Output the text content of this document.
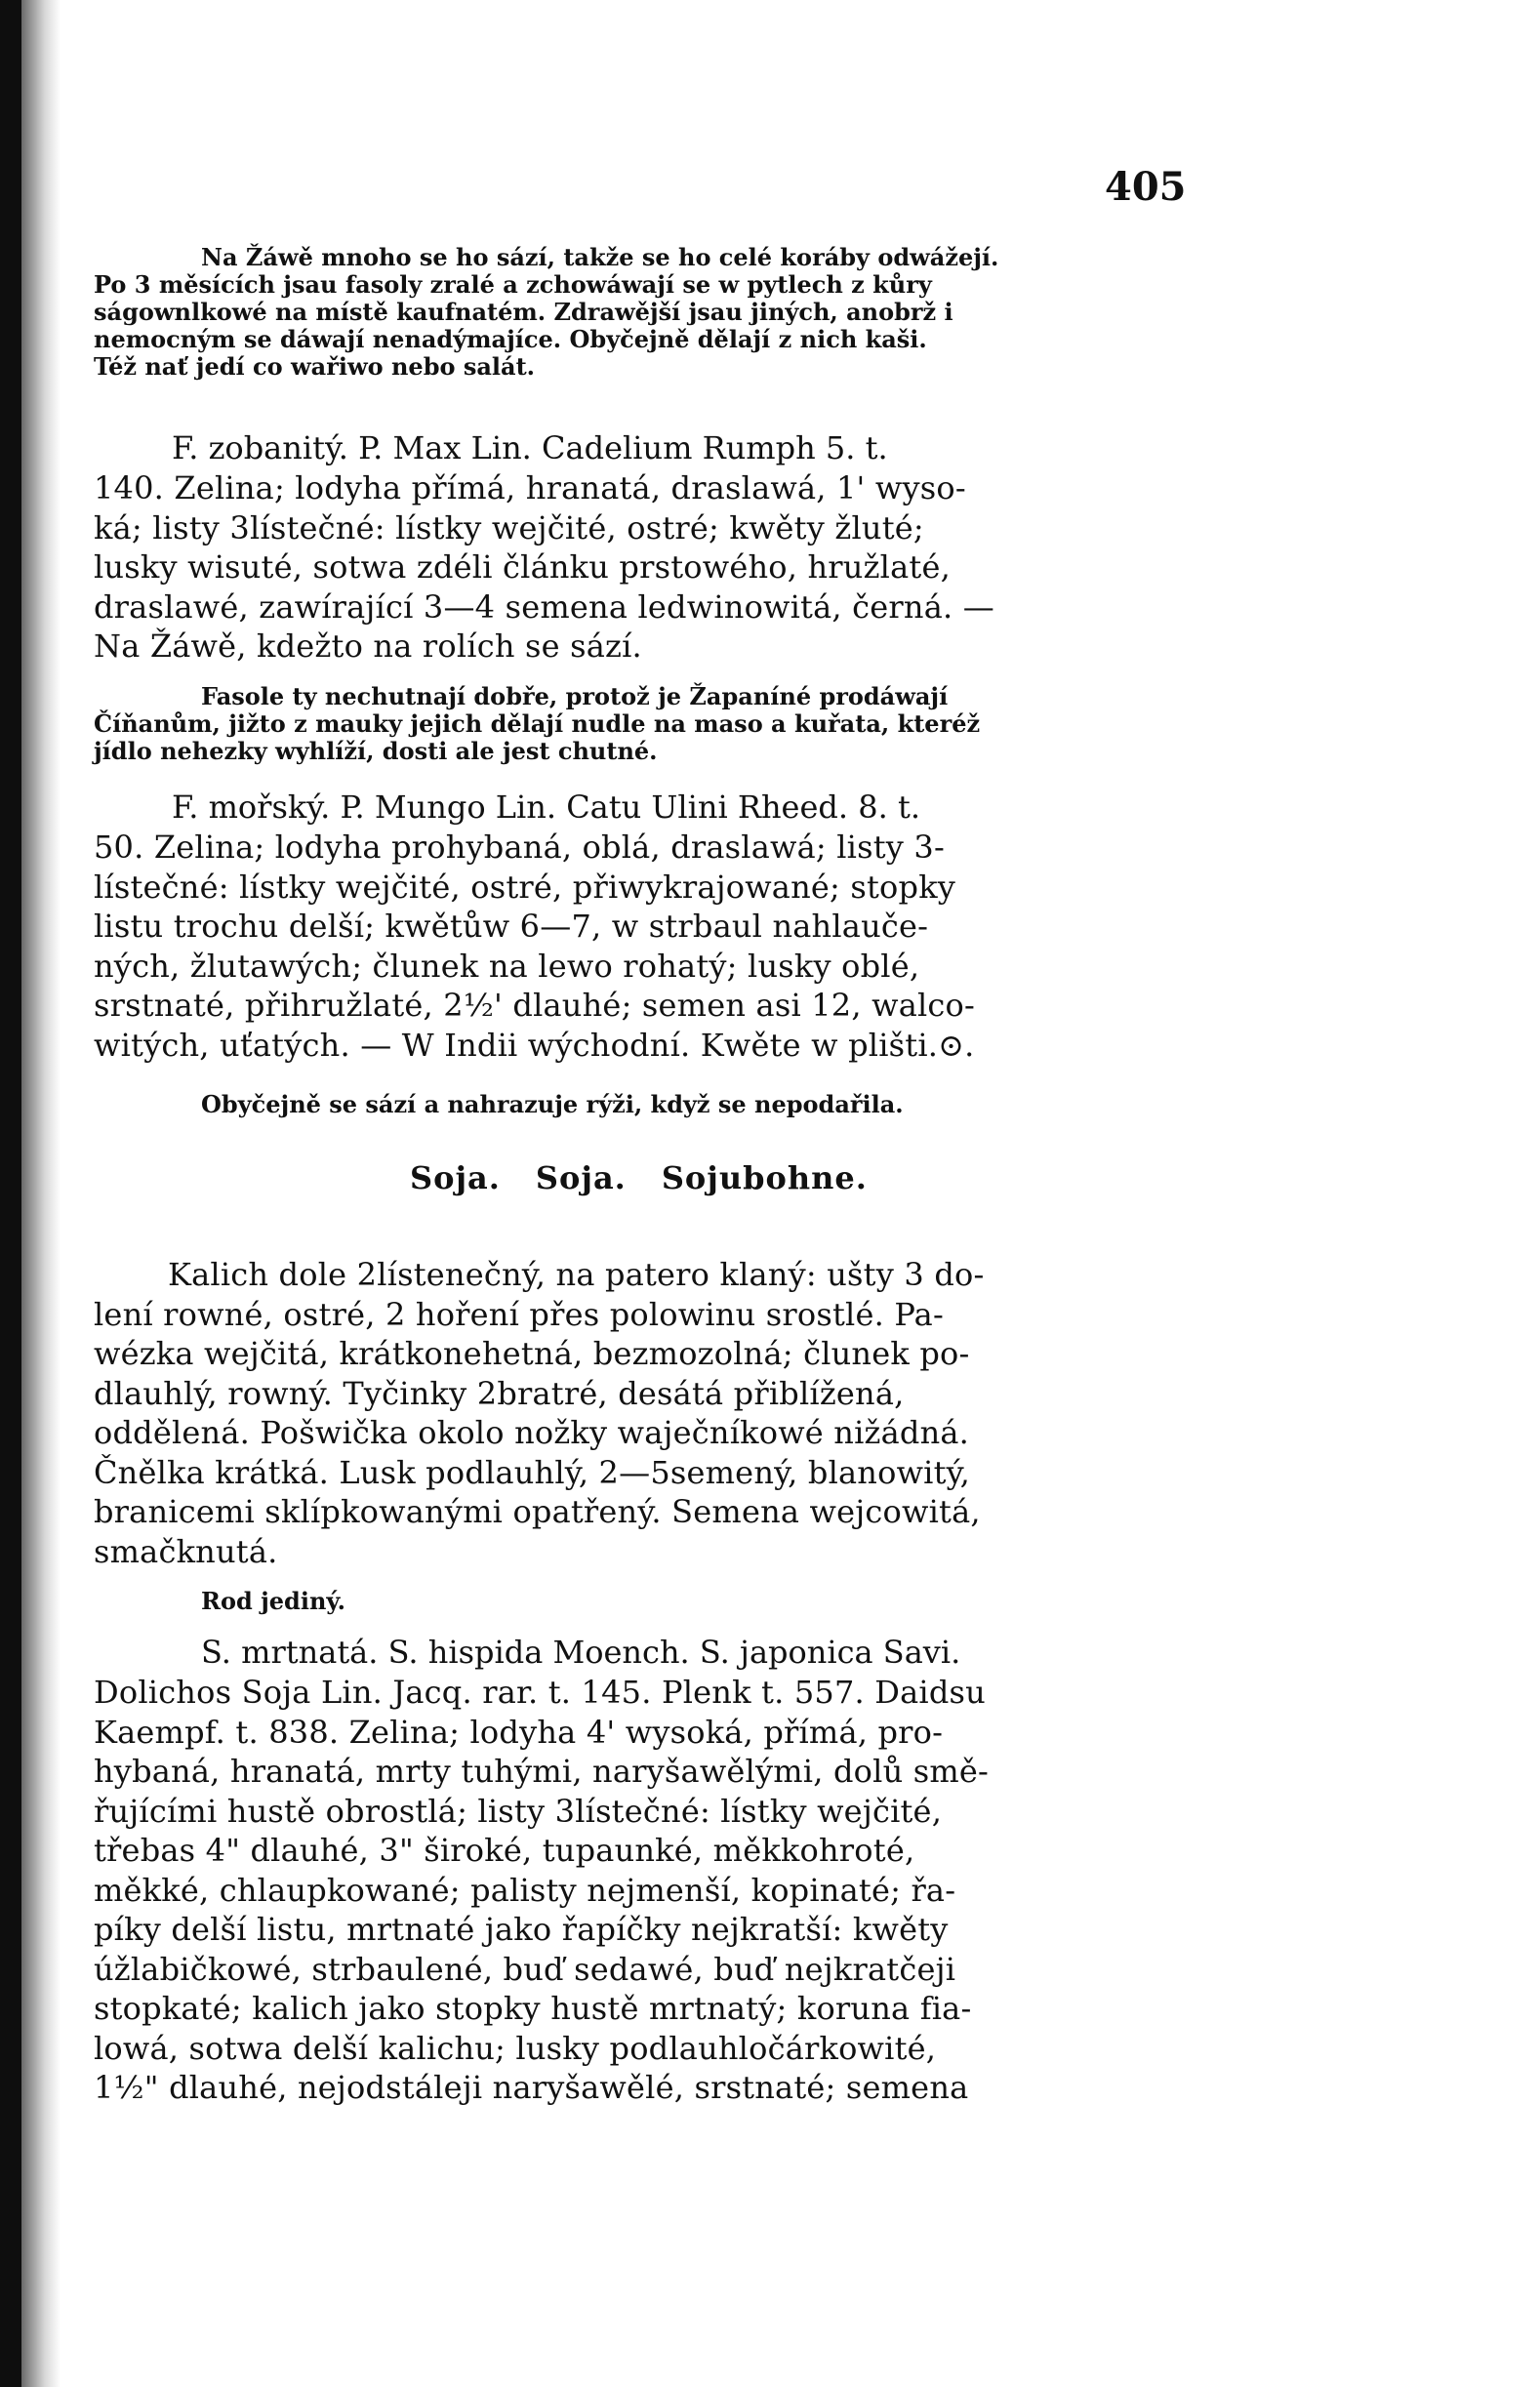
405

Na Žáwě mnoho se ho sází, takže se ho celé koráby odwážejí.

Po 3 měsících jsau fasoly zralé a zchowáwají se w pytlech z kůry

ságownlkowé na místě kaufnatém. Zdrawější jsau jiných, anobrž i

nemocným se dáwají nenadýmajíce. Obyčejně dělají z nich kaši.

Též nať jedí co wařiwo nebo salát.

F. zobanitý. P. Max Lin. Cadelium Rumph 5. t.

140. Zelina; lodyha přímá, hranatá, draslawá, 1' wyso-

ká; listy 3lístečné: lístky wejčité, ostré; kwěty žluté;

lusky wisuté, sotwa zdéli článku prstowého, hružlaté,

draslawé, zawírající 3—4 semena ledwinowitá, černá. —

Na Žáwě, kdežto na rolích se sází.

Fasole ty nechutnají dobře, protož je Žapaníné prodáwají

Číňanům, jižto z mauky jejich dělají nudle na maso a kuřata, kteréž

jídlo nehezky wyhlíží, dosti ale jest chutné.

F. mořský. P. Mungo Lin. Catu Ulini Rheed. 8. t.

50. Zelina; lodyha prohybaná, oblá, draslawá; listy 3-

lístečné: lístky wejčité, ostré, přiwykrajowané; stopky

listu trochu delší; kwětůw 6—7, w strbaul nahlauče-

ných, žlutawých; člunek na lewo rohatý; lusky oblé,

srstnaté, přihružlaté, 2½' dlauhé; semen asi 12, walco-

witých, uťatých. — W Indii wýchodní. Kwěte w plišti.⊙.

Obyčejně se sází a nahrazuje rýži, když se nepodařila.

Soja. Soja. Sojubohne.

Kalich dole 2lístenečný, na patero klaný: ušty 3 do-

lení rowné, ostré, 2 hoření přes polowinu srostlé. Pa-

wézka wejčitá, krátkonehetná, bezmozolná; člunek po-

dlauhlý, rowný. Tyčinky 2bratré, desátá přiblížená,

oddělená. Pošwička okolo nožky waječníkowé nižádná.

Čnělka krátká. Lusk podlauhlý, 2—5semený, blanowitý,

branicemi sklípkowanými opatřený. Semena wejcowitá,

smačknutá.

Rod jediný.
S. mrtnatá. S. hispida Moench. S. japonica Savi.

Dolichos Soja Lin. Jacq. rar. t. 145. Plenk t. 557. Daidsu

Kaempf. t. 838. Zelina; lodyha 4' wysoká, přímá, pro-

hybaná, hranatá, mrty tuhými, naryšawělými, dolů smě-

řujícími hustě obrostlá; listy 3lístečné: lístky wejčité,

třebas 4" dlauhé, 3" široké, tupaunké, měkkohroté,

měkké, chlaupkowané; palisty nejmenší, kopinaté; řa-

píky delší listu, mrtnaté jako řapíčky nejkratší: kwěty

úžlabičkowé, strbaulené, buď sedawé, buď nejkratčeji

stopkaté; kalich jako stopky hustě mrtnatý; koruna fia-

lowá, sotwa delší kalichu; lusky podlauhločárkowité,

1½" dlauhé, nejodstáleji naryšawělé, srstnaté; semena
